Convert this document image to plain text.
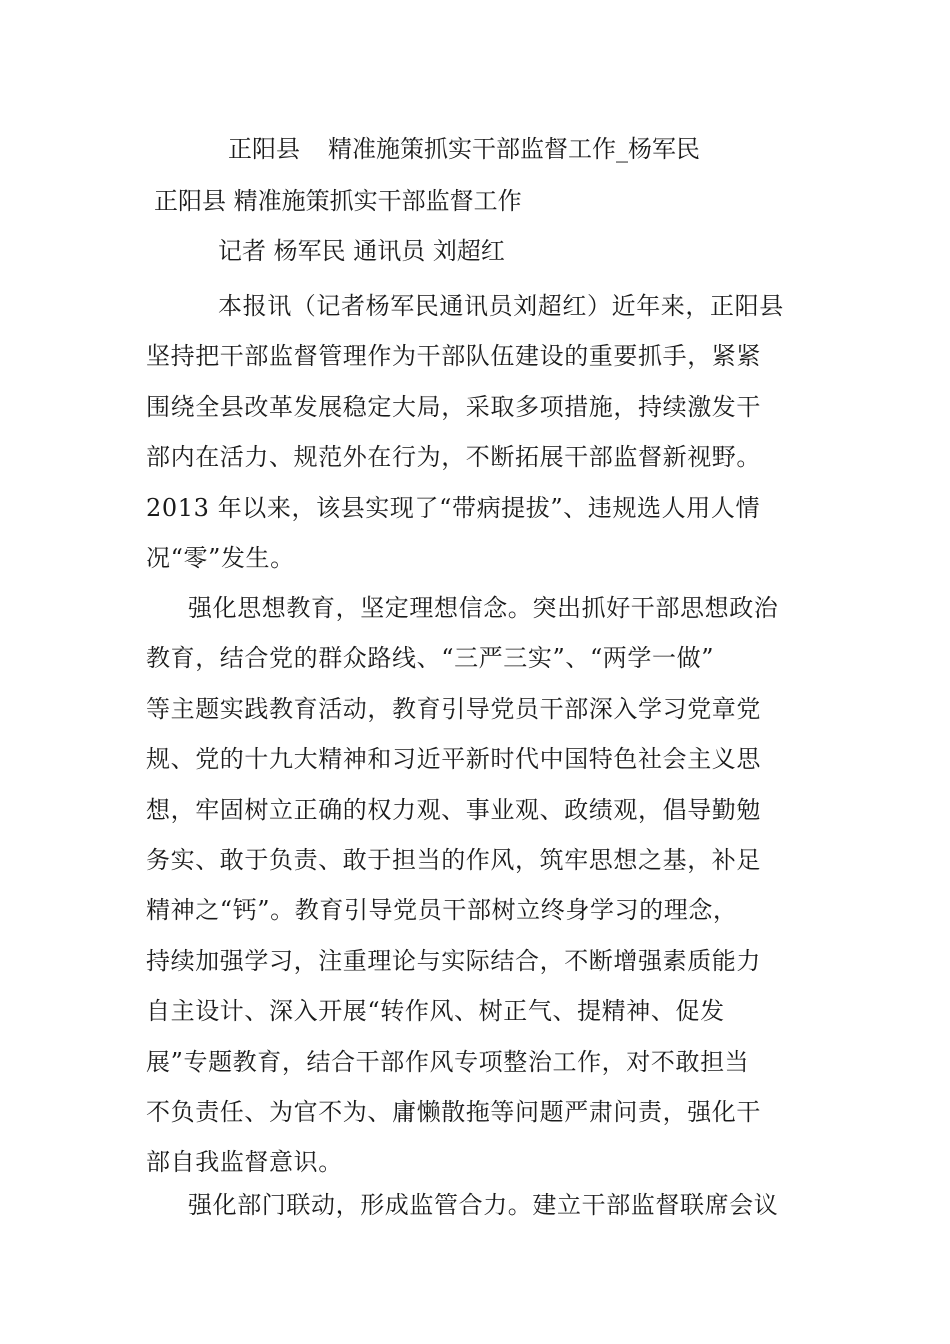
正阳县 精准施策抓实干部监督工作_杨军民
正阳县 精准施策抓实干部监督工作
记者 杨军民 通讯员 刘超红
本报讯（记者杨军民通讯员刘超红）近年来，正阳县
坚持把干部监督管理作为干部队伍建设的重要抓手，紧紧
围绕全县改革发展稳定大局，采取多项措施，持续激发干
部内在活力、规范外在行为，不断拓展干部监督新视野。
2013 年以来，该县实现了“带病提拔”、违规选人用人情
况“零”发生。
强化思想教育，坚定理想信念。突出抓好干部思想政治
教育，结合党的群众路线、“三严三实”、“两学一做”
等主题实践教育活动，教育引导党员干部深入学习党章党
规、党的十九大精神和习近平新时代中国特色社会主义思
想，牢固树立正确的权力观、事业观、政绩观，倡导勤勉
务实、敢于负责、敢于担当的作风，筑牢思想之基，补足
精神之“钙”。教育引导党员干部树立终身学习的理念，
持续加强学习，注重理论与实际结合，不断增强素质能力
自主设计、深入开展“转作风、树正气、提精神、促发
展”专题教育，结合干部作风专项整治工作，对不敢担当
不负责任、为官不为、庸懒散拖等问题严肃问责，强化干
部自我监督意识。
强化部门联动，形成监管合力。建立干部监督联席会议
